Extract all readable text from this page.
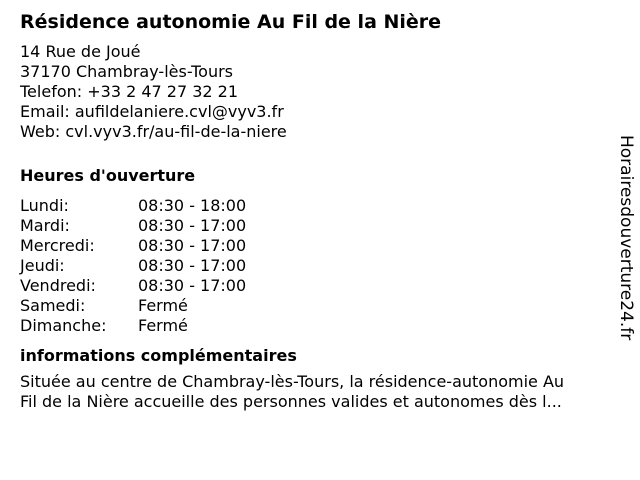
Résidence autonomie Au Fil de la Nière
14 Rue de Joué
37170 Chambray-lès-Tours
Telefon: +33 2 47 27 32 21
Email: aufildelaniere.cvl@vyv3.fr
Web: cvl.vyv3.fr/au-fil-de-la-niere
Heures d'ouverture
Lundi:	08:30 - 18:00
Mardi:	08:30 - 17:00
Mercredi:	08:30 - 17:00
Jeudi:	08:30 - 17:00
Vendredi:	08:30 - 17:00
Samedi:	Fermé
Dimanche:	Fermé
informations complémentaires
Située au centre de Chambray-lès-Tours, la résidence-autonomie Au
Fil de la Nière accueille des personnes valides et autonomes dès l...
Horairesdouverture24.fr
